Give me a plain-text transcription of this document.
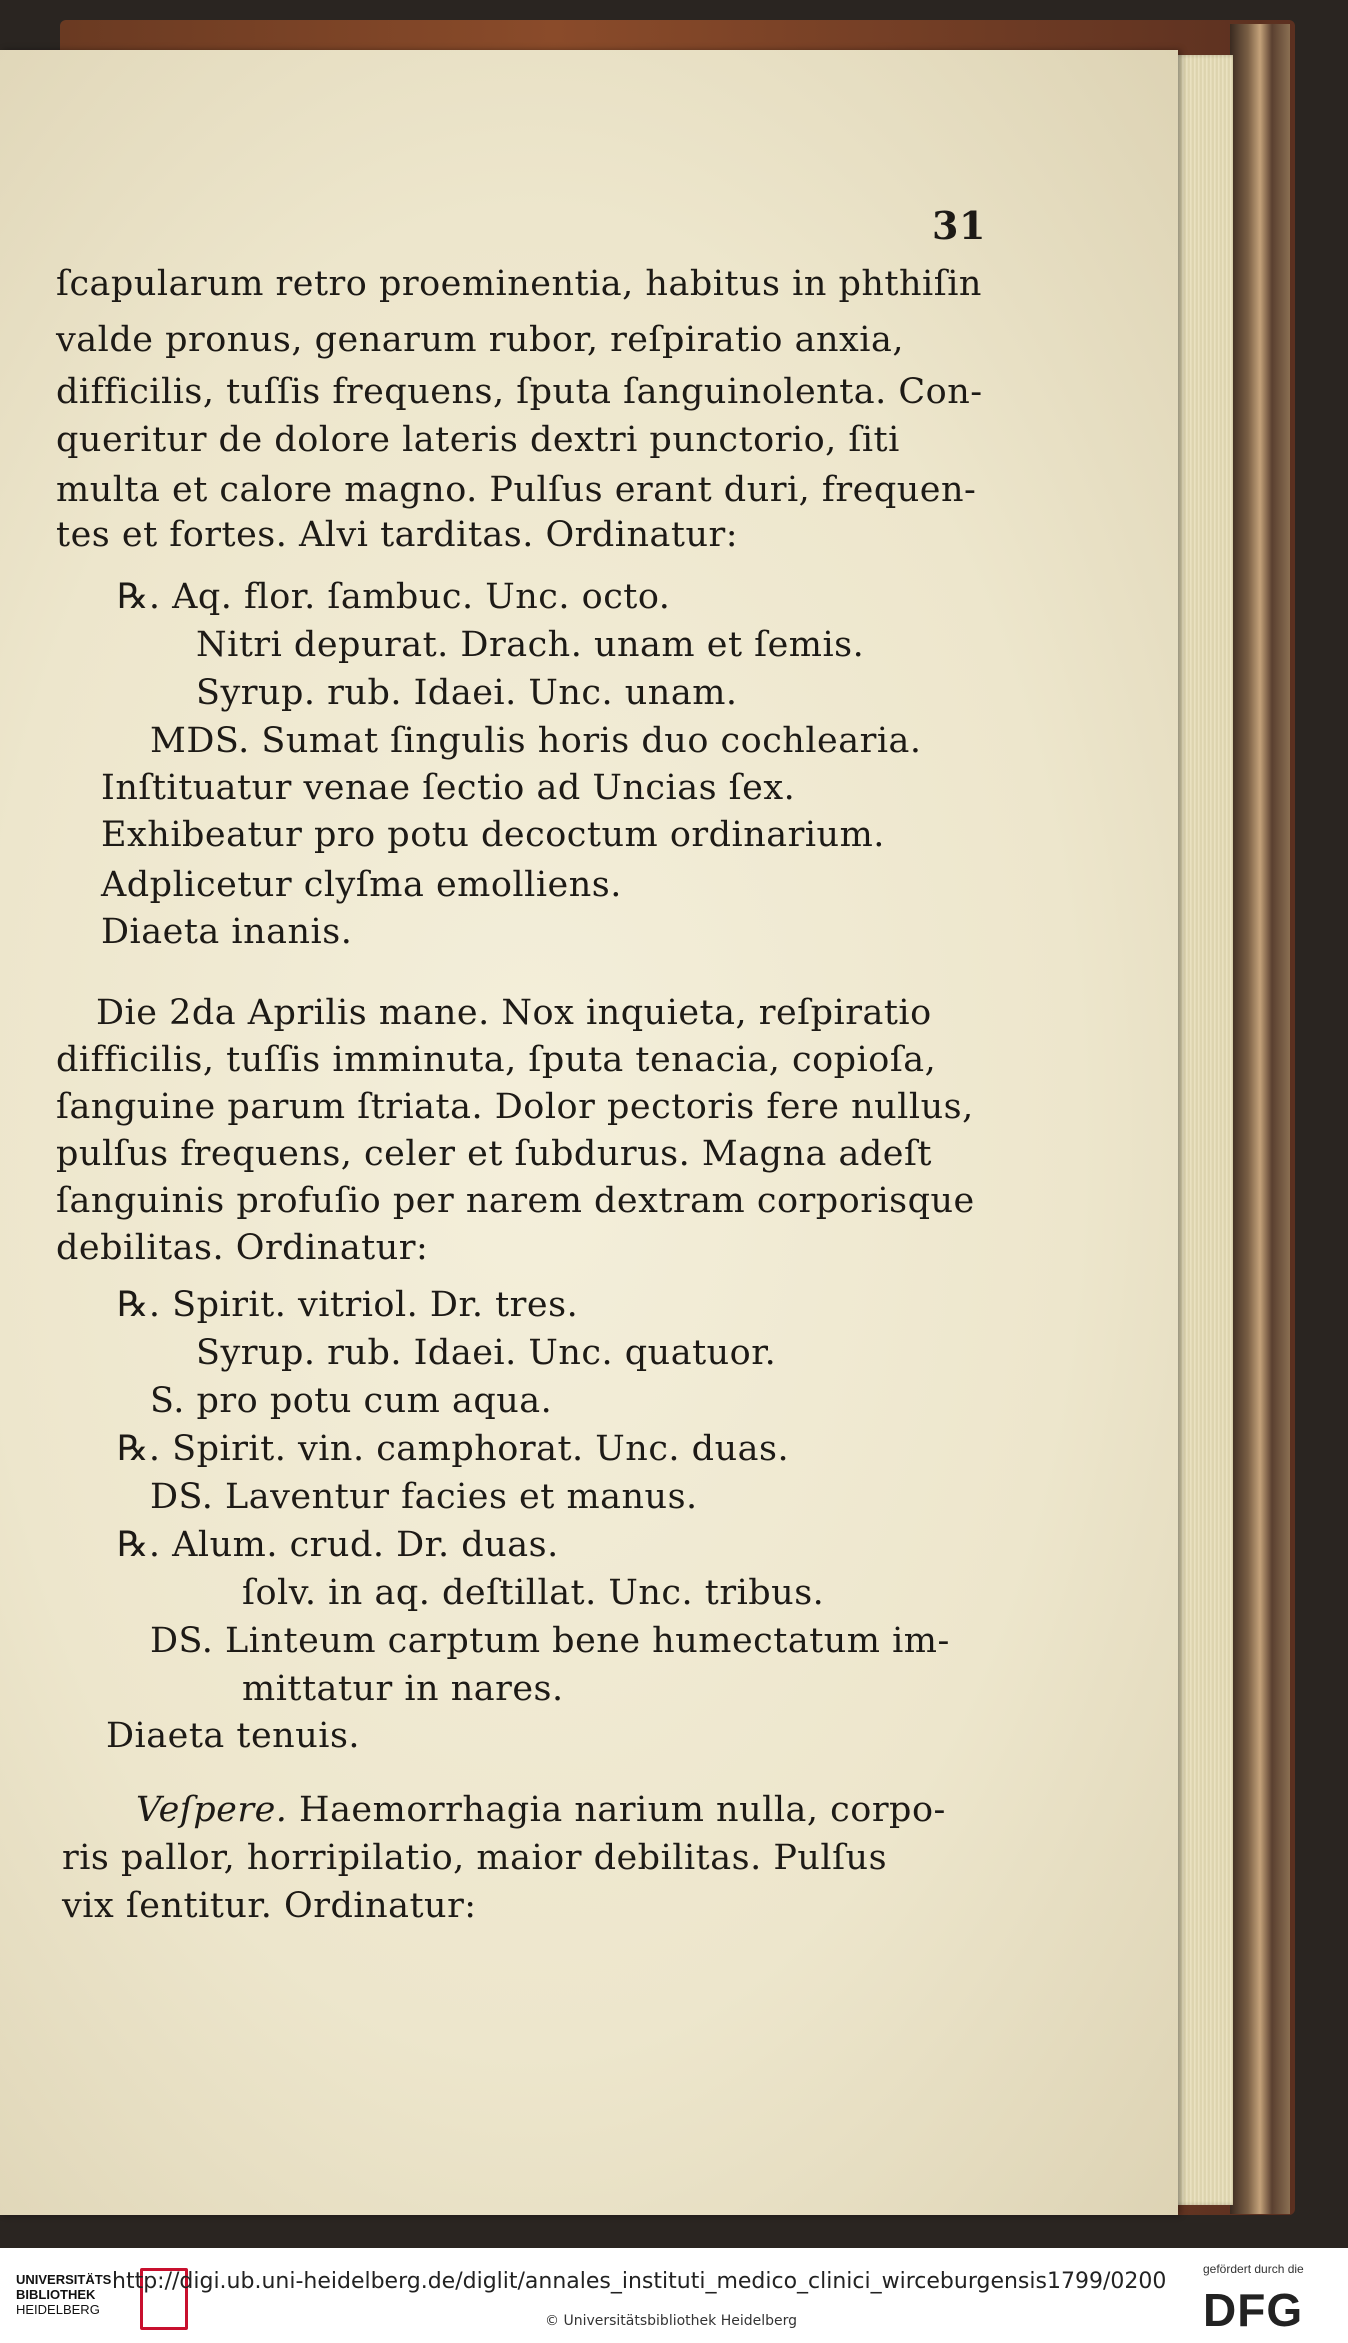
31
ſcapularum retro proeminentia, habitus in phthiſin
valde pronus, genarum rubor, reſpiratio anxia,
difficilis, tuſſis frequens, ſputa ſanguinolenta. Con-
queritur de dolore lateris dextri punctorio, ſiti
multa et calore magno. Pulſus erant duri, frequen-
tes et fortes. Alvi tarditas. Ordinatur:
℞. Aq. flor. ſambuc. Unc. octo.
Nitri depurat. Drach. unam et ſemis.
Syrup. rub. Idaei. Unc. unam.
MDS. Sumat ſingulis horis duo cochlearia.
Inſtituatur venae ſectio ad Uncias ſex.
Exhibeatur pro potu decoctum ordinarium.
Adplicetur clyſma emolliens.
Diaeta inanis.
Die 2da Aprilis mane. Nox inquieta, reſpiratio
difficilis, tuſſis imminuta, ſputa tenacia, copioſa,
ſanguine parum ſtriata. Dolor pectoris fere nullus,
pulſus frequens, celer et ſubdurus. Magna adeſt
ſanguinis profuſio per narem dextram corporisque
debilitas. Ordinatur:
℞. Spirit. vitriol. Dr. tres.
Syrup. rub. Idaei. Unc. quatuor.
S. pro potu cum aqua.
℞. Spirit. vin. camphorat. Unc. duas.
DS. Laventur facies et manus.
℞. Alum. crud. Dr. duas.
ſolv. in aq. deſtillat. Unc. tribus.
DS. Linteum carptum bene humectatum im-
mittatur in nares.
Diaeta tenuis.
Veſpere. Haemorrhagia narium nulla, corpo-
ris pallor, horripilatio, maior debilitas. Pulſus
vix ſentitur. Ordinatur:
UNIVERSITÄTS
BIBLIOTHEK
HEIDELBERG
http://digi.ub.uni-heidelberg.de/diglit/annales_instituti_medico_clinici_wirceburgensis1799/0200
© Universitätsbibliothek Heidelberg
gefördert durch die
DFG
